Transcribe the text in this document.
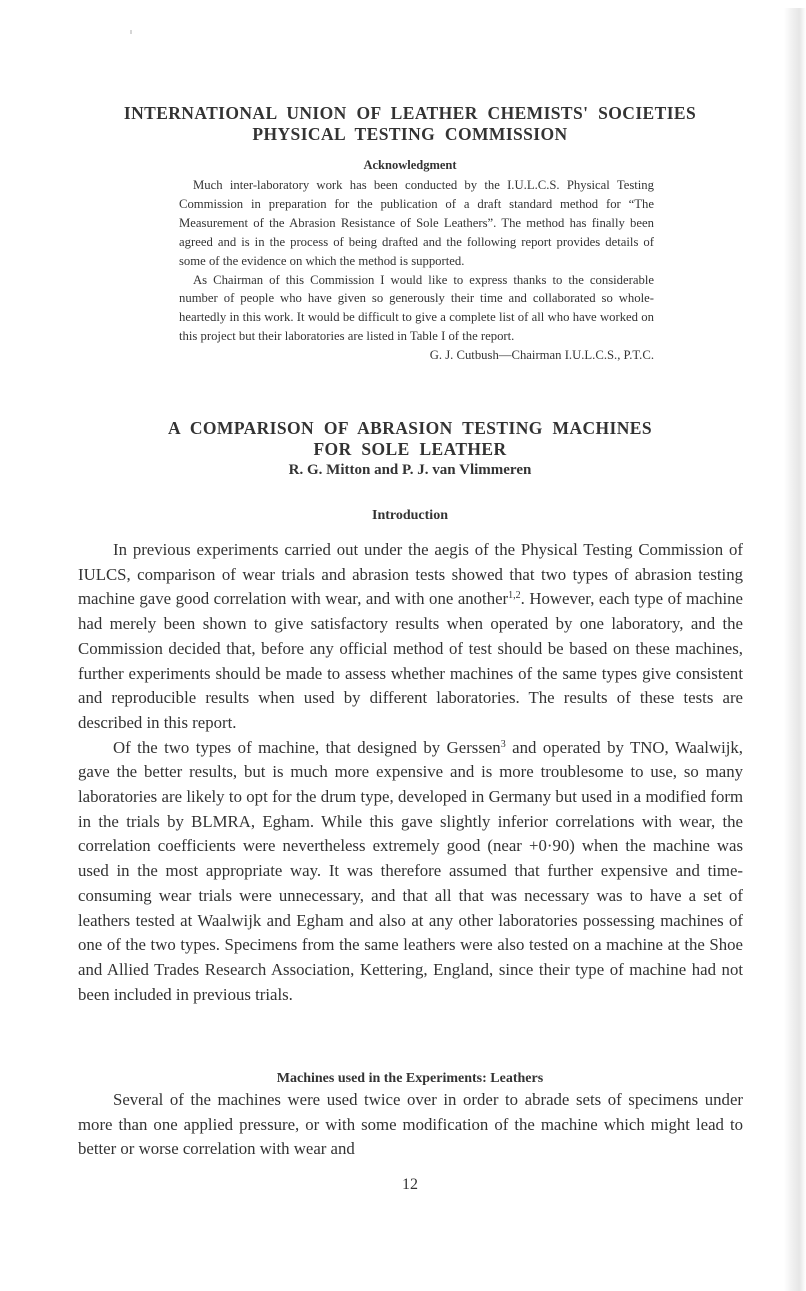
INTERNATIONAL UNION OF LEATHER CHEMISTS' SOCIETIES
PHYSICAL TESTING COMMISSION
Acknowledgment

Much inter-laboratory work has been conducted by the I.U.L.C.S. Physical Testing Commission in preparation for the publication of a draft standard method for “The Measurement of the Abrasion Resistance of Sole Leathers”. The method has finally been agreed and is in the process of being drafted and the following report provides details of some of the evidence on which the method is supported.

As Chairman of this Commission I would like to express thanks to the considerable number of people who have given so generously their time and collaborated so whole-heartedly in this work. It would be difficult to give a complete list of all who have worked on this project but their laboratories are listed in Table I of the report.

G. J. Cutbush—Chairman I.U.L.C.S., P.T.C.

A COMPARISON OF ABRASION TESTING MACHINES
FOR SOLE LEATHER
R. G. Mitton and P. J. van Vlimmeren
Introduction

In previous experiments carried out under the aegis of the Physical Testing Commission of IULCS, comparison of wear trials and abrasion tests showed that two types of abrasion testing machine gave good correlation with wear, and with one another$^{1,2}$. However, each type of machine had merely been shown to give satisfactory results when operated by one laboratory, and the Commission decided that, before any official method of test should be based on these machines, further experiments should be made to assess whether machines of the same types give consistent and reproducible results when used by different laboratories. The results of these tests are described in this report.

Of the two types of machine, that designed by Gerssen$^3$ and operated by TNO, Waalwijk, gave the better results, but is much more expensive and is more troublesome to use, so many laboratories are likely to opt for the drum type, developed in Germany but used in a modified form in the trials by BLMRA, Egham. While this gave slightly inferior correlations with wear, the correlation coefficients were nevertheless extremely good (near +0·90) when the machine was used in the most appropriate way. It was therefore assumed that further expensive and time-consuming wear trials were unnecessary, and that all that was necessary was to have a set of leathers tested at Waalwijk and Egham and also at any other laboratories possessing machines of one of the two types. Specimens from the same leathers were also tested on a machine at the Shoe and Allied Trades Research Association, Kettering, England, since their type of machine had not been included in previous trials.

Machines used in the Experiments: Leathers

Several of the machines were used twice over in order to abrade sets of specimens under more than one applied pressure, or with some modification of the machine which might lead to better or worse correlation with wear and

12
